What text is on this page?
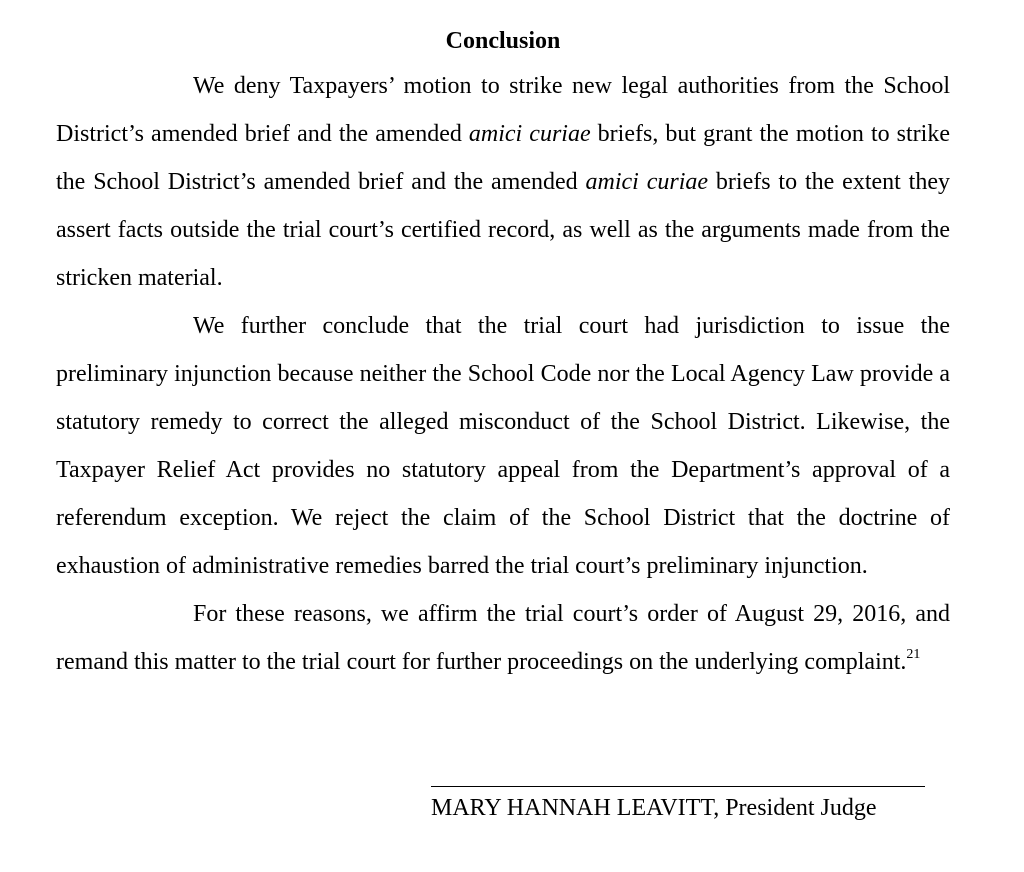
Conclusion

We deny Taxpayers’ motion to strike new legal authorities from the School District’s amended brief and the amended amici curiae briefs, but grant the motion to strike the School District’s amended brief and the amended amici curiae briefs to the extent they assert facts outside the trial court’s certified record, as well as the arguments made from the stricken material.

We further conclude that the trial court had jurisdiction to issue the preliminary injunction because neither the School Code nor the Local Agency Law provide a statutory remedy to correct the alleged misconduct of the School District. Likewise, the Taxpayer Relief Act provides no statutory appeal from the Department’s approval of a referendum exception. We reject the claim of the School District that the doctrine of exhaustion of administrative remedies barred the trial court’s preliminary injunction.

For these reasons, we affirm the trial court’s order of August 29, 2016, and remand this matter to the trial court for further proceedings on the underlying complaint.$^{21}$

MARY HANNAH LEAVITT, President Judge
